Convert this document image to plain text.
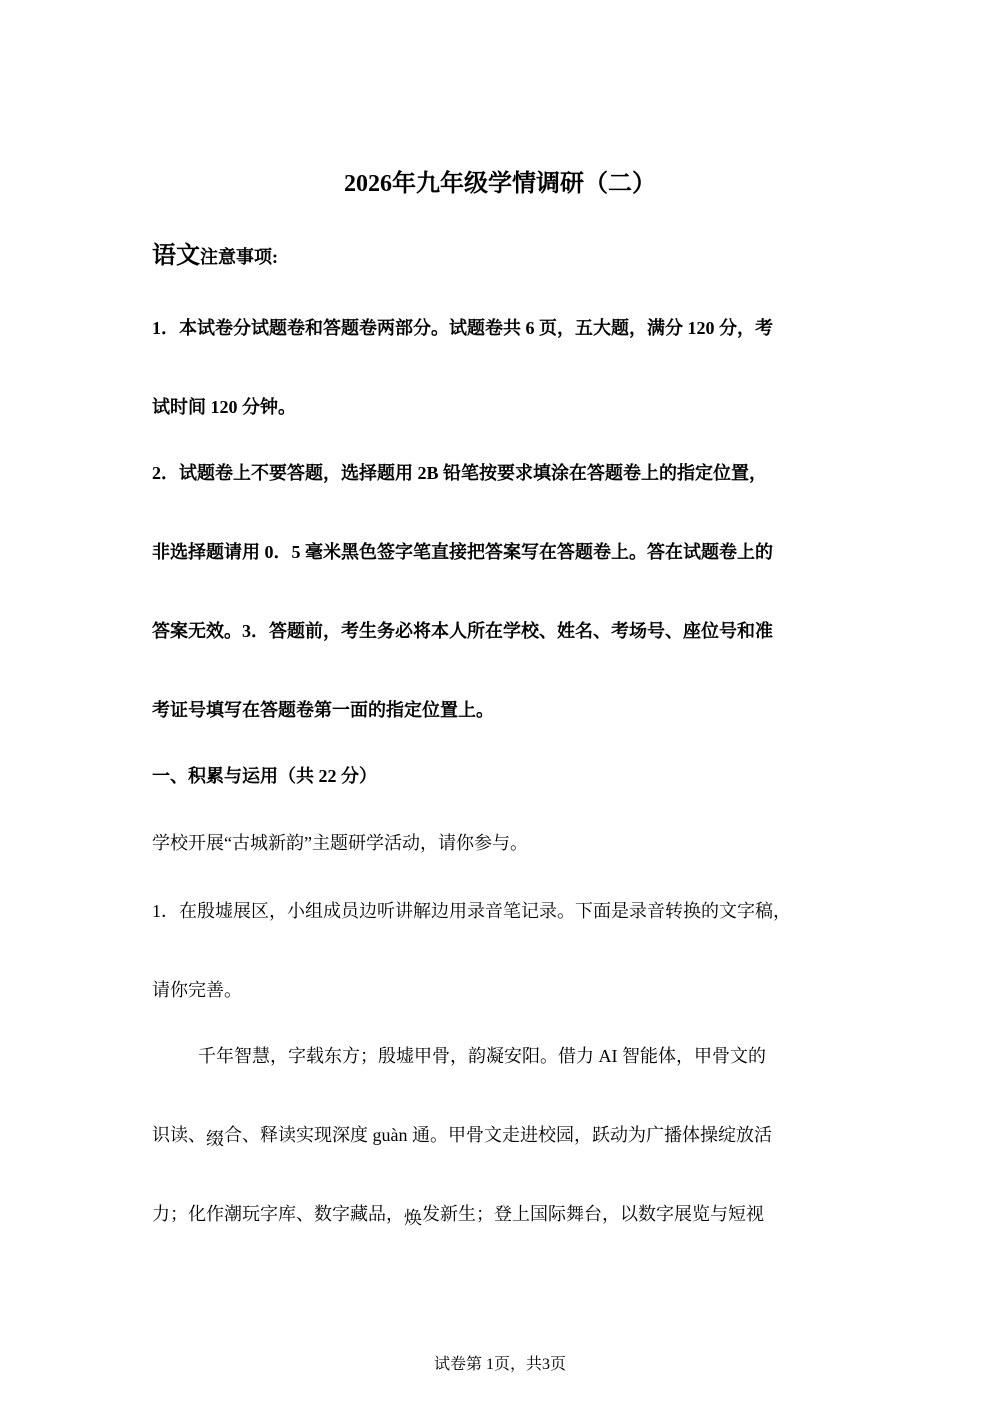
2026年九年级学情调研（二）
语文注意事项:
1．本试卷分试题卷和答题卷两部分。试题卷共 6 页，五大题，满分 120 分，考
试时间 120 分钟。
2．试题卷上不要答题，选择题用 2B 铅笔按要求填涂在答题卷上的指定位置，
非选择题请用 0．5 毫米黑色签字笔直接把答案写在答题卷上。答在试题卷上的
答案无效。3．答题前，考生务必将本人所在学校、姓名、考场号、座位号和准
考证号填写在答题卷第一面的指定位置上。
一、积累与运用（共 22 分）
学校开展“古城新韵”主题研学活动，请你参与。
1．在殷墟展区，小组成员边听讲解边用录音笔记录。下面是录音转换的文字稿，
请你完善。
千年智慧，字载东方；殷墟甲骨，韵凝安阳。借力 AI 智能体，甲骨文的
识读、缀合、释读实现深度 guàn 通。甲骨文走进校园，跃动为广播体操绽放活
力；化作潮玩字库、数字藏品，焕发新生；登上国际舞台，以数字展览与短视
试卷第 1页，共3页
